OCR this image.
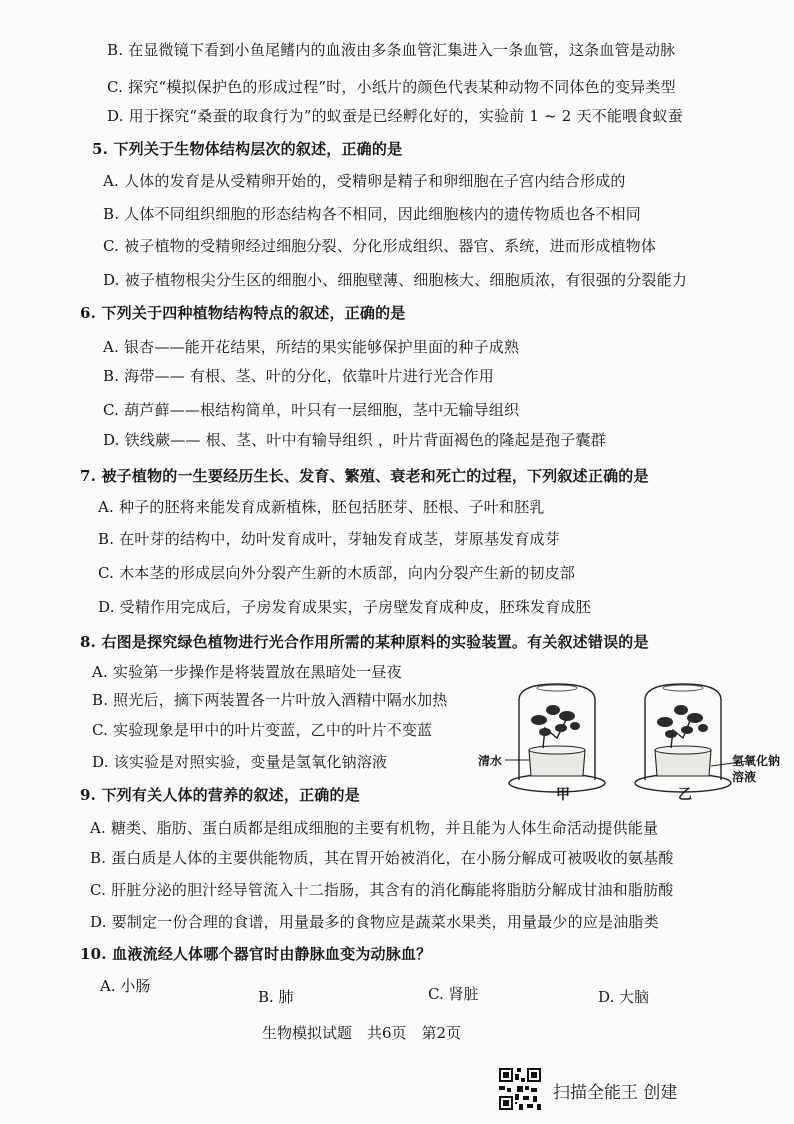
B. 在显微镜下看到小鱼尾鳍内的血液由多条血管汇集进入一条血管，这条血管是动脉
C. 探究“模拟保护色的形成过程”时，小纸片的颜色代表某种动物不同体色的变异类型
D. 用于探究“桑蚕的取食行为”的蚁蚕是已经孵化好的，实验前 1 ~ 2 天不能喂食蚁蚕
5. 下列关于生物体结构层次的叙述，正确的是
A. 人体的发育是从受精卵开始的，受精卵是精子和卵细胞在子宫内结合形成的
B. 人体不同组织细胞的形态结构各不相同，因此细胞核内的遗传物质也各不相同
C. 被子植物的受精卵经过细胞分裂、分化形成组织、器官、系统，进而形成植物体
D. 被子植物根尖分生区的细胞小、细胞壁薄、细胞核大、细胞质浓，有很强的分裂能力
6. 下列关于四种植物结构特点的叙述，正确的是
A. 银杏——能开花结果，所结的果实能够保护里面的种子成熟
B. 海带—— 有根、茎、叶的分化，依靠叶片进行光合作用
C. 葫芦藓——根结构简单，叶只有一层细胞，茎中无输导组织
D. 铁线蕨—— 根、茎、叶中有输导组织 ，叶片背面褐色的隆起是孢子囊群
7. 被子植物的一生要经历生长、发育、繁殖、衰老和死亡的过程，下列叙述正确的是
A. 种子的胚将来能发育成新植株，胚包括胚芽、胚根、子叶和胚乳
B. 在叶芽的结构中，幼叶发育成叶，芽轴发育成茎，芽原基发育成芽
C. 木本茎的形成层向外分裂产生新的木质部，向内分裂产生新的韧皮部
D. 受精作用完成后，子房发育成果实，子房壁发育成种皮，胚珠发育成胚
8. 右图是探究绿色植物进行光合作用所需的某种原料的实验装置。有关叙述错误的是
A. 实验第一步操作是将装置放在黑暗处一昼夜
B. 照光后，摘下两装置各一片叶放入酒精中隔水加热
C. 实验现象是甲中的叶片变蓝，乙中的叶片不变蓝
D. 该实验是对照实验，变量是氢氧化钠溶液
9. 下列有关人体的营养的叙述，正确的是
A. 糖类、脂肪、蛋白质都是组成细胞的主要有机物，并且能为人体生命活动提供能量
B. 蛋白质是人体的主要供能物质，其在胃开始被消化，在小肠分解成可被吸收的氨基酸
C. 肝脏分泌的胆汁经导管流入十二指肠，其含有的消化酶能将脂肪分解成甘油和脂肪酸
D. 要制定一份合理的食谱，用量最多的食物应是蔬菜水果类，用量最少的应是油脂类
10. 血液流经人体哪个器官时由静脉血变为动脉血？
A. 小肠
B. 肺	C. 肾脏	D. 大脑
清水	氢氧化钠
溶液
甲	乙
生物模拟试题　共6页　第2页
扫描全能王 创建
